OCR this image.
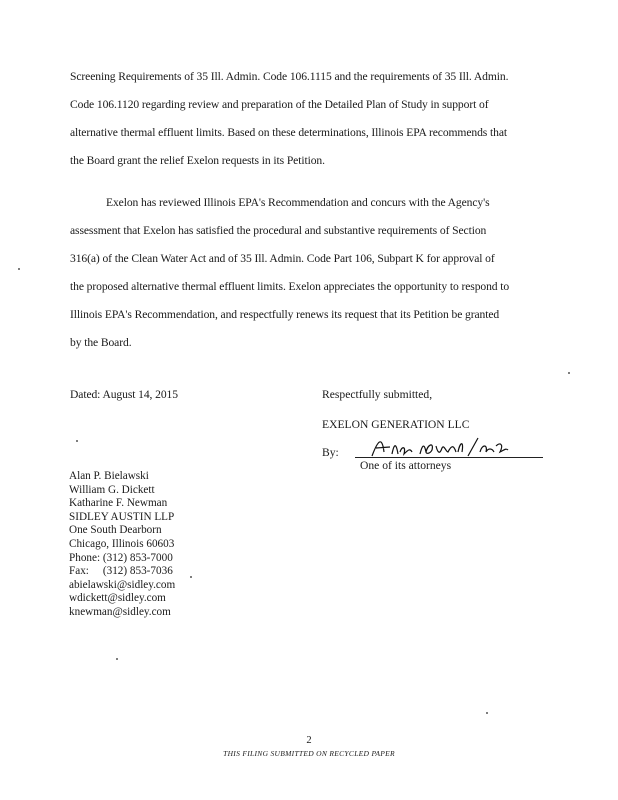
Screening Requirements of 35 Ill. Admin. Code 106.1115 and the requirements of 35 Ill. Admin.
Code 106.1120 regarding review and preparation of the Detailed Plan of Study in support of
alternative thermal effluent limits. Based on these determinations, Illinois EPA recommends that
the Board grant the relief Exelon requests in its Petition.
Exelon has reviewed Illinois EPA's Recommendation and concurs with the Agency's
assessment that Exelon has satisfied the procedural and substantive requirements of Section
316(a) of the Clean Water Act and of 35 Ill. Admin. Code Part 106, Subpart K for approval of
the proposed alternative thermal effluent limits. Exelon appreciates the opportunity to respond to
Illinois EPA's Recommendation, and respectfully renews its request that its Petition be granted
by the Board.
Dated: August 14, 2015	Respectfully submitted,
EXELON GENERATION LLC
By:
One of its attorneys
Alan P. Bielawski
William G. Dickett
Katharine F. Newman
SIDLEY AUSTIN LLP
One South Dearborn
Chicago, Illinois 60603
Phone: (312) 853-7000
Fax:     (312) 853-7036
abielawski@sidley.com
wdickett@sidley.com
knewman@sidley.com
2
THIS FILING SUBMITTED ON RECYCLED PAPER
